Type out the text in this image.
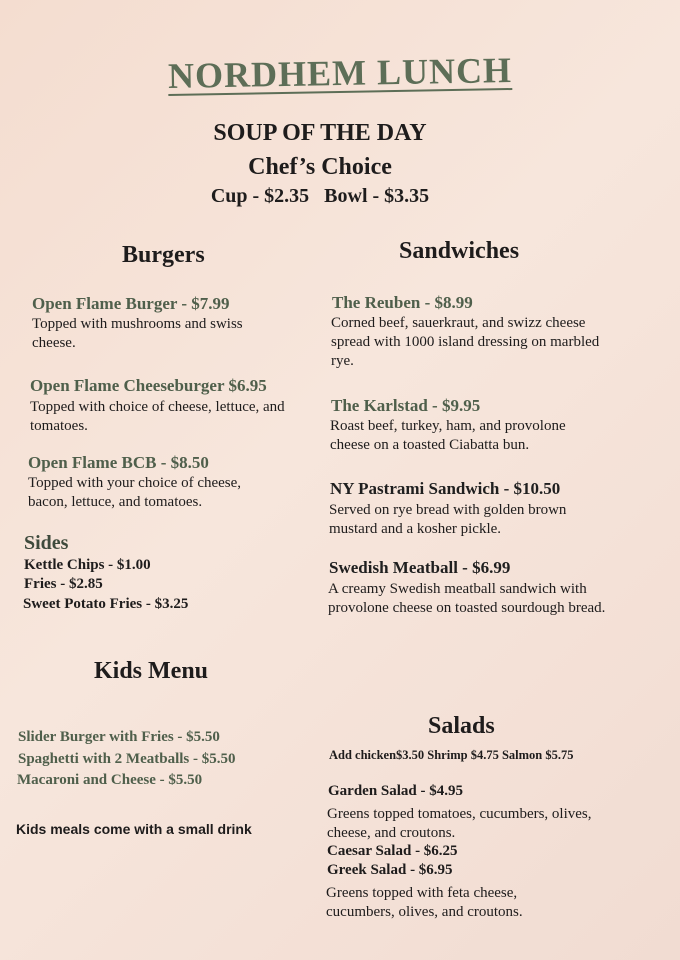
NORDHEM LUNCH
SOUP OF THE DAY
Chef’s Choice
Cup - $2.35   Bowl - $3.35
Burgers
Open Flame Burger - $7.99
Topped with mushrooms and swiss cheese.
Open Flame Cheeseburger $6.95
Topped with choice of cheese, lettuce, and tomatoes.
Open Flame BCB - $8.50
Topped with your choice of cheese, bacon, lettuce, and tomatoes.
Sides
Kettle Chips - $1.00
Fries - $2.85
Sweet Potato Fries - $3.25
Kids Menu
Slider Burger with Fries - $5.50
Spaghetti with 2 Meatballs - $5.50
Macaroni and Cheese - $5.50
Kids meals come with a small drink
Sandwiches
The Reuben - $8.99
Corned beef, sauerkraut, and swizz cheese spread with 1000 island dressing on marbled rye.
The Karlstad - $9.95
Roast beef, turkey, ham, and provolone cheese on a toasted Ciabatta bun.
NY Pastrami Sandwich - $10.50
Served on rye bread with golden brown mustard and a kosher pickle.
Swedish Meatball - $6.99
A creamy Swedish meatball sandwich with provolone cheese on toasted sourdough bread.
Salads
Add chicken$3.50 Shrimp $4.75 Salmon $5.75
Garden Salad - $4.95
Greens topped tomatoes, cucumbers, olives, cheese, and croutons.
Caesar Salad - $6.25
Greek Salad - $6.95
Greens topped with feta cheese, cucumbers, olives, and croutons.
